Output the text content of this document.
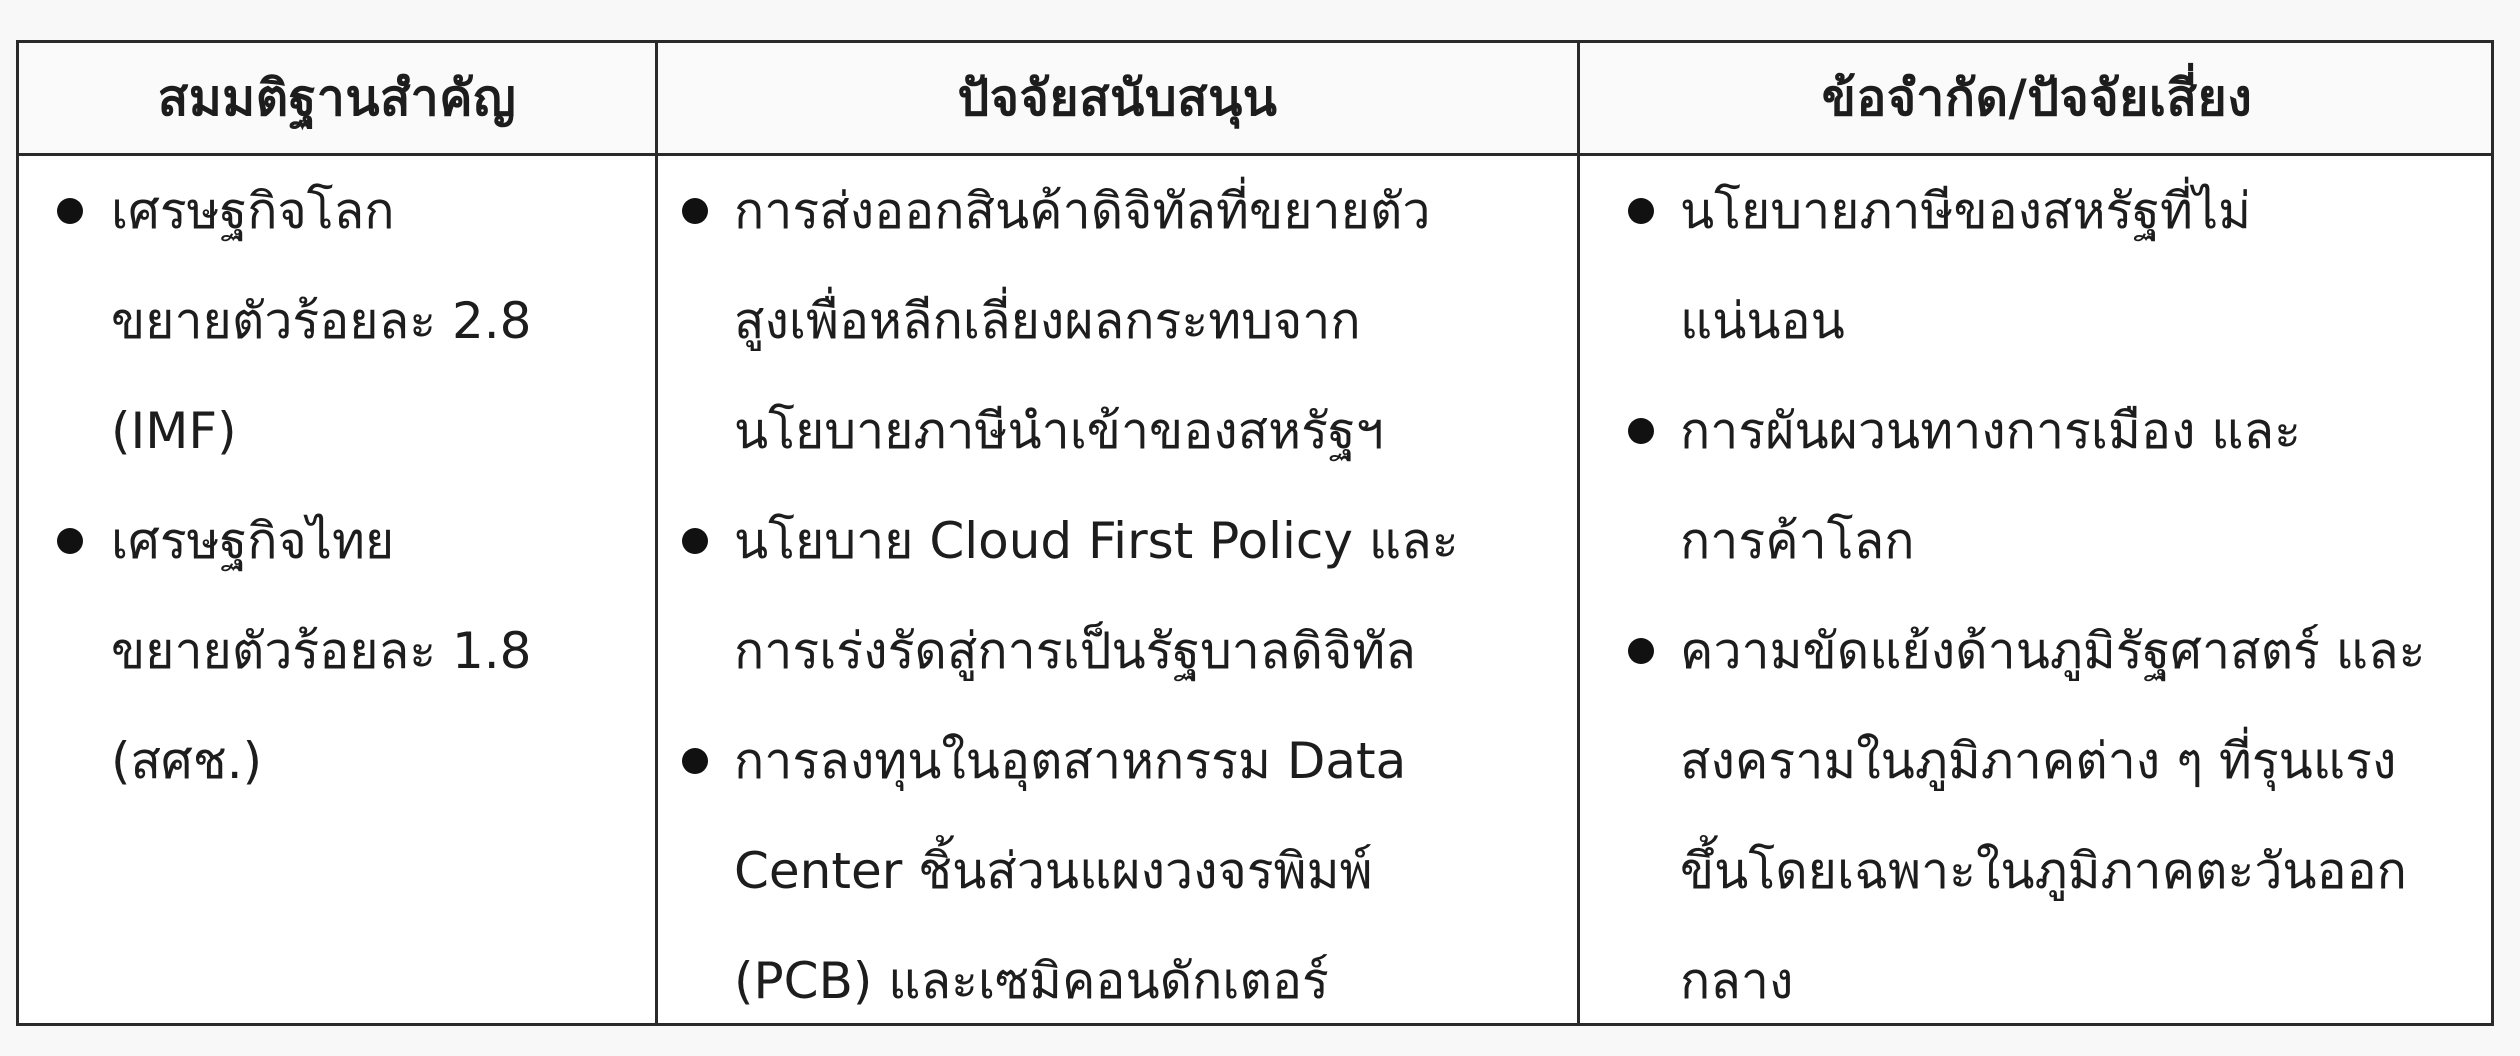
สมมติฐานสำคัญ	ปัจจัยสนับสนุน	ข้อจำกัด/ปัจจัยเสี่ยง
เศรษฐกิจโลก
ขยายตัวร้อยละ 2.8
(IMF)
เศรษฐกิจไทย
ขยายตัวร้อยละ 1.8
(สศช.)
การส่งออกสินค้าดิจิทัลที่ขยายตัว
สูงเพื่อหลีกเลี่ยงผลกระทบจาก
นโยบายภาษีนำเข้าของสหรัฐฯ
นโยบาย Cloud First Policy และ
การเร่งรัดสู่การเป็นรัฐบาลดิจิทัล
การลงทุนในอุตสาหกรรม Data
Center ชิ้นส่วนแผงวงจรพิมพ์
(PCB) และเซมิคอนดักเตอร์
นโยบายภาษีของสหรัฐที่ไม่
แน่นอน
การผันผวนทางการเมือง และ
การค้าโลก
ความขัดแย้งด้านภูมิรัฐศาสตร์ และ
สงครามในภูมิภาคต่าง ๆ ที่รุนแรง
ขึ้นโดยเฉพาะในภูมิภาคตะวันออก
กลาง
